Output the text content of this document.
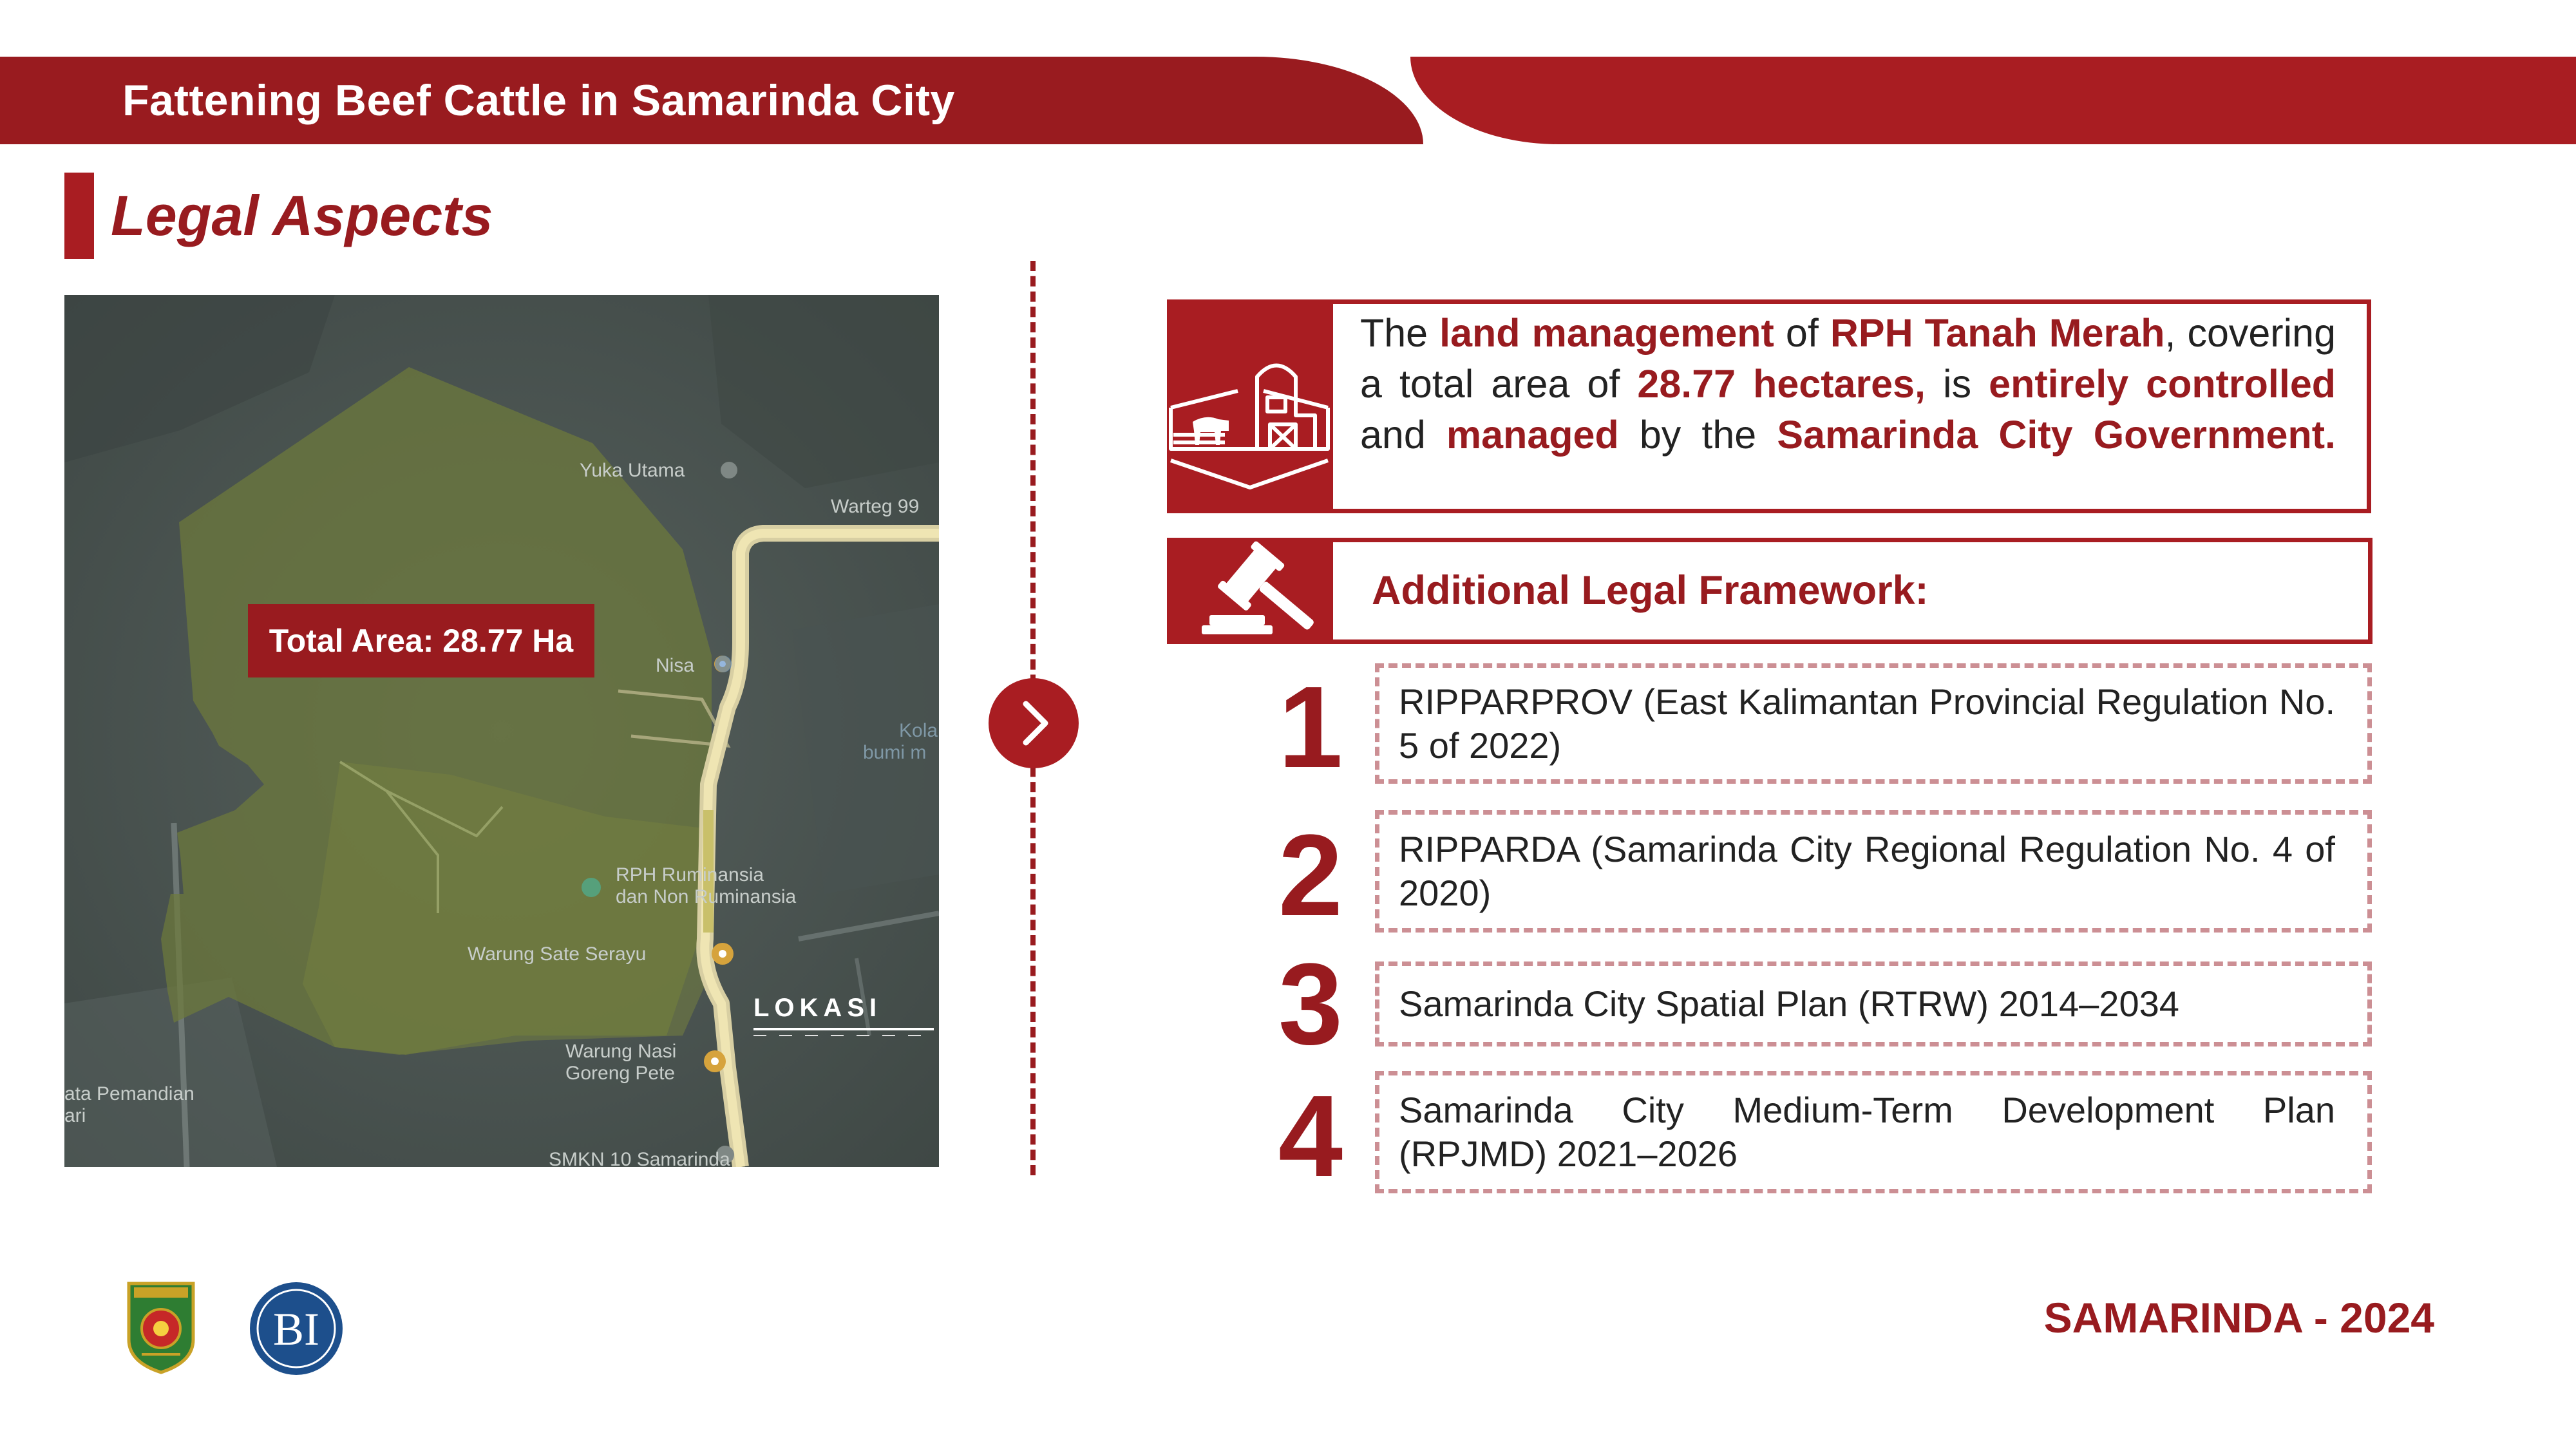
Fattening Beef Cattle in Samarinda City
Legal Aspects
Yuka Utama
Warteg 99
Nisa
Kola
bumi m
RPH Ruminansia
dan Non Ruminansia
Warung Sate Serayu
Warung Nasi
Goreng Pete
ata Pemandian
ari
SMKN 10 Samarinda
LOKASI
Total Area: 28.77 Ha
The land management of RPH Tanah Merah, covering a total area of 28.77 hectares, is entirely controlled and managed by the Samarinda City Government.
Additional Legal Framework:
1	RIPPARPROV (East Kalimantan Provincial Regulation No. 5 of 2022)
2	RIPPARDA (Samarinda City Regional Regulation No. 4 of 2020)
3	Samarinda City Spatial Plan (RTRW) 2014–2034
4	Samarinda City Medium-Term Development Plan (RPJMD) 2021–2026
BI	SAMARINDA - 2024
